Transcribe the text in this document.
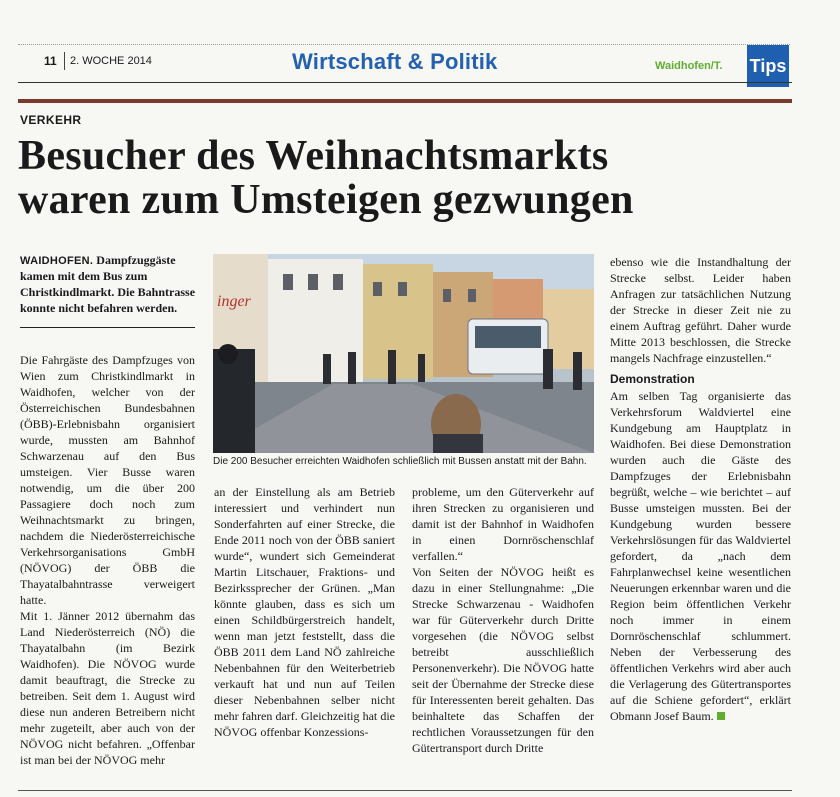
11 2. WOCHE 2014	Wirtschaft & Politik	Waidhofen/T. Tips
VERKEHR
Besucher des Weihnachtsmarkts
waren zum Umsteigen gezwungen
WAIDHOFEN. Dampfzuggäste kamen mit dem Bus zum Christkindlmarkt. Die Bahntrasse konnte nicht befahren werden.

Die Fahrgäste des Dampfzuges von Wien zum Christkindlmarkt in Waidhofen, welcher von der Österreichischen Bundesbahnen (ÖBB)-Erlebnisbahn organisiert wurde, mussten am Bahnhof Schwarzenau auf den Bus umsteigen. Vier Busse waren notwendig, um die über 200 Passagiere doch noch zum Weihnachtsmarkt zu bringen, nachdem die Niederösterreichische Verkehrsorganisations GmbH (NÖVOG) der ÖBB die Thayatalbahntrasse verweigert hatte.

Mit 1. Jänner 2012 übernahm das Land Niederösterreich (NÖ) die Thayatalbahn (im Bezirk Waidhofen). Die NÖVOG wurde damit beauftragt, die Strecke zu betreiben. Seit dem 1. August wird diese nun anderen Betreibern nicht mehr zugeteilt, aber auch von der NÖVOG nicht befahren. „Offenbar ist man bei der NÖVOG mehr

inger
Die 200 Besucher erreichten Waidhofen schließlich mit Bussen anstatt mit der Bahn.

an der Einstellung als am Betrieb interessiert und verhindert nun Sonderfahrten auf einer Strecke, die Ende 2011 noch von der ÖBB saniert wurde“, wundert sich Gemeinderat Martin Litschauer, Fraktions- und Bezirkssprecher der Grünen. „Man könnte glauben, dass es sich um einen Schildbürgerstreich handelt, wenn man jetzt feststellt, dass die ÖBB 2011 dem Land NÖ zahlreiche Nebenbahnen für den Weiterbetrieb verkauft hat und nun auf Teilen dieser Nebenbahnen selber nicht mehr fahren darf. Gleichzeitig hat die NÖVOG offenbar Konzessions-

probleme, um den Güterverkehr auf ihren Strecken zu organisieren und damit ist der Bahnhof in Waidhofen in einen Dornröschenschlaf verfallen.“

Von Seiten der NÖVOG heißt es dazu in einer Stellungnahme: „Die Strecke Schwarzenau - Waidhofen war für Güterverkehr durch Dritte vorgesehen (die NÖVOG selbst betreibt ausschließlich Personenverkehr). Die NÖVOG hatte seit der Übernahme der Strecke diese für Interessenten bereit gehalten. Das beinhaltete das Schaffen der rechtlichen Voraussetzungen für den Gütertransport durch Dritte

ebenso wie die Instandhaltung der Strecke selbst. Leider haben Anfragen zur tatsächlichen Nutzung der Strecke in dieser Zeit nie zu einem Auftrag geführt. Daher wurde Mitte 2013 beschlossen, die Strecke mangels Nachfrage einzustellen.“

Demonstration

Am selben Tag organisierte das Verkehrsforum Waldviertel eine Kundgebung am Hauptplatz in Waidhofen. Bei diese Demonstration wurden auch die Gäste des Dampfzuges der Erlebnisbahn begrüßt, welche – wie berichtet – auf Busse umsteigen mussten. Bei der Kundgebung wurden bessere Verkehrslösungen für das Waldviertel gefordert, da „nach dem Fahrplanwechsel keine wesentlichen Neuerungen erkennbar waren und die Region beim öffentlichen Verkehr noch immer in einem Dornröschenschlaf schlummert. Neben der Verbesserung des öffentlichen Verkehrs wird aber auch die Verlagerung des Gütertransportes auf die Schiene gefordert“, erklärt Obmann Josef Baum.
